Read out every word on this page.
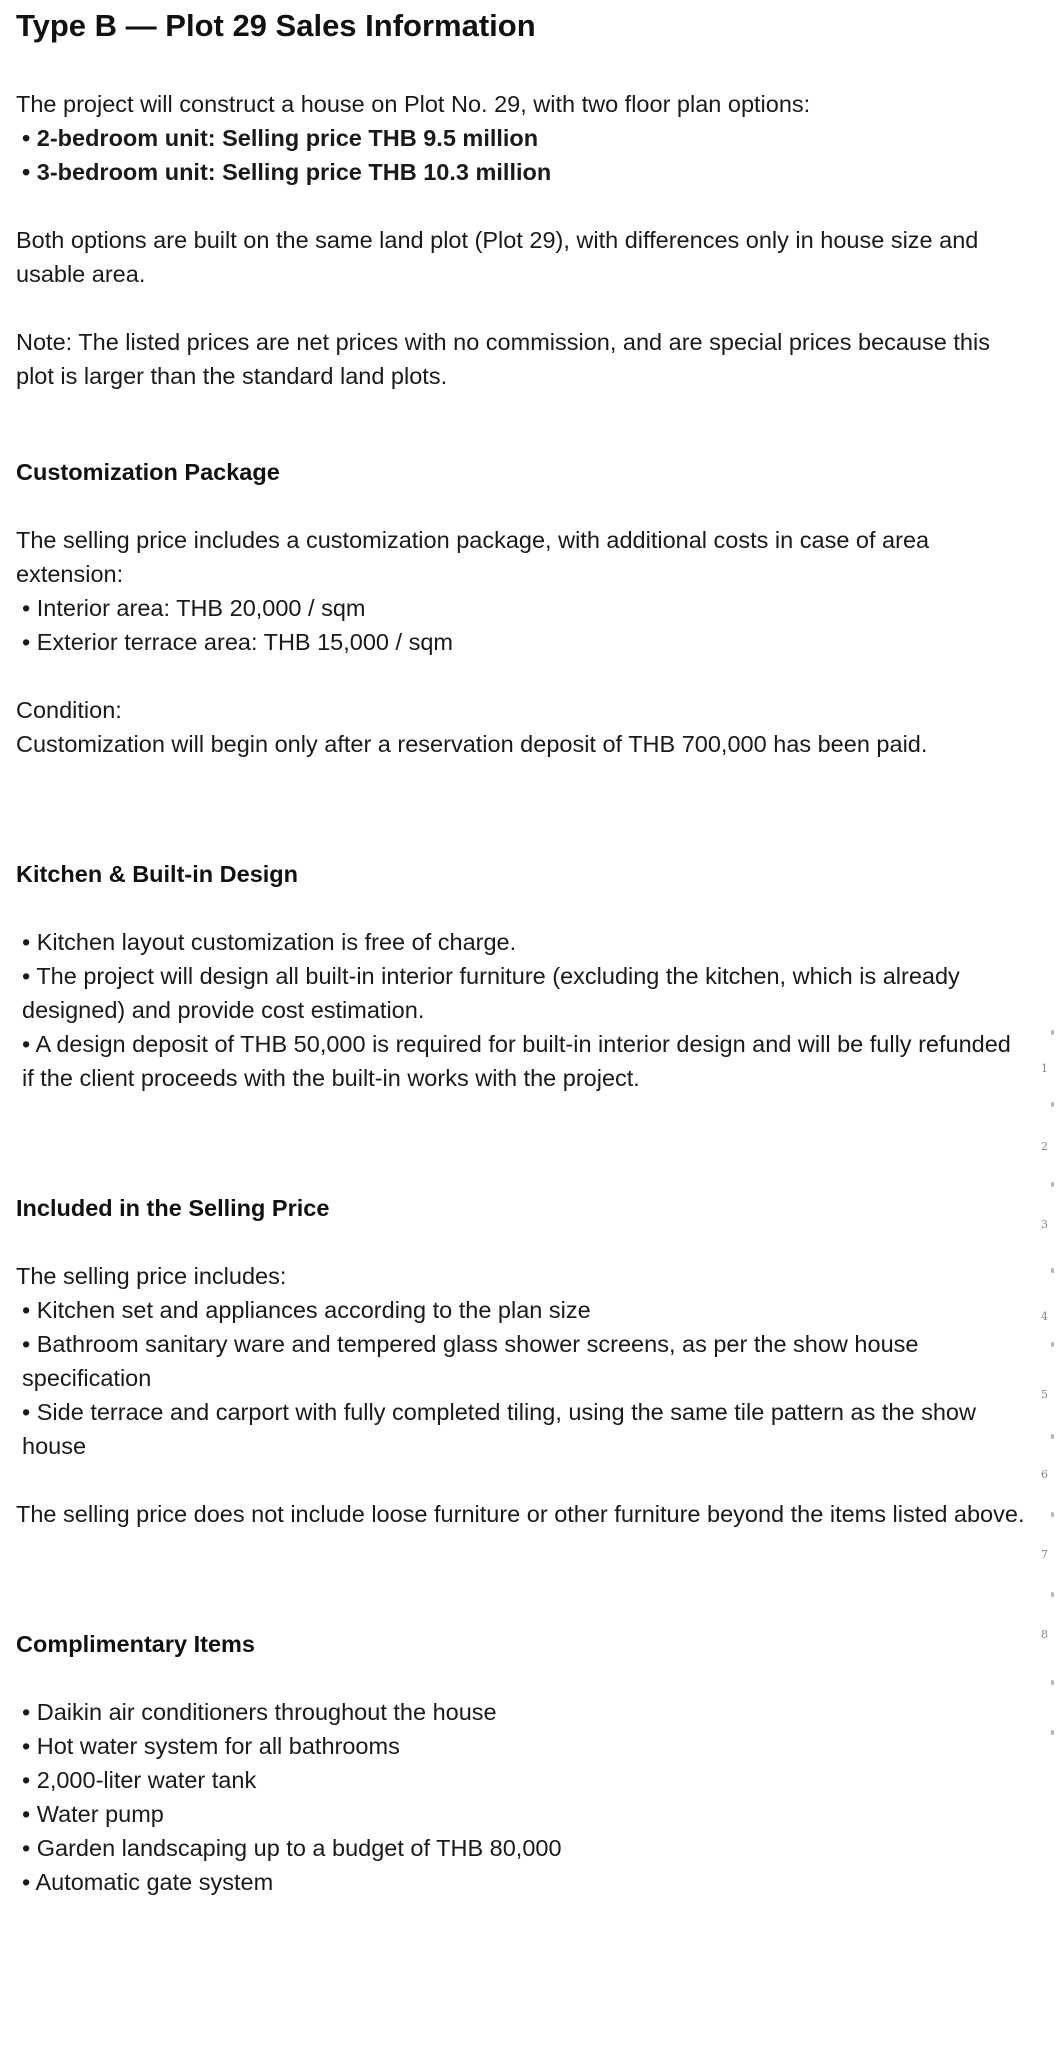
Type B — Plot 29 Sales Information

The project will construct a house on Plot No. 29, with two floor plan options:

• 2-bedroom unit: Selling price THB 9.5 million

• 3-bedroom unit: Selling price THB 10.3 million

Both options are built on the same land plot (Plot 29), with differences only in house size and usable area.

Note: The listed prices are net prices with no commission, and are special prices because this plot is larger than the standard land plots.

Customization Package

The selling price includes a customization package, with additional costs in case of area extension:

• Interior area: THB 20,000 / sqm

• Exterior terrace area: THB 15,000 / sqm

Condition:

Customization will begin only after a reservation deposit of THB 700,000 has been paid.

Kitchen & Built-in Design

• Kitchen layout customization is free of charge.

• The project will design all built-in interior furniture (excluding the kitchen, which is already designed) and provide cost estimation.

• A design deposit of THB 50,000 is required for built-in interior design and will be fully refunded if the client proceeds with the built-in works with the project.

Included in the Selling Price

The selling price includes:

• Kitchen set and appliances according to the plan size

• Bathroom sanitary ware and tempered glass shower screens, as per the show house specification

• Side terrace and carport with fully completed tiling, using the same tile pattern as the show house

The selling price does not include loose furniture or other furniture beyond the items listed above.

Complimentary Items

• Daikin air conditioners throughout the house

• Hot water system for all bathrooms

• 2,000-liter water tank

• Water pump

• Garden landscaping up to a budget of THB 80,000

• Automatic gate system

1
2
3
4
5
6
7
8
